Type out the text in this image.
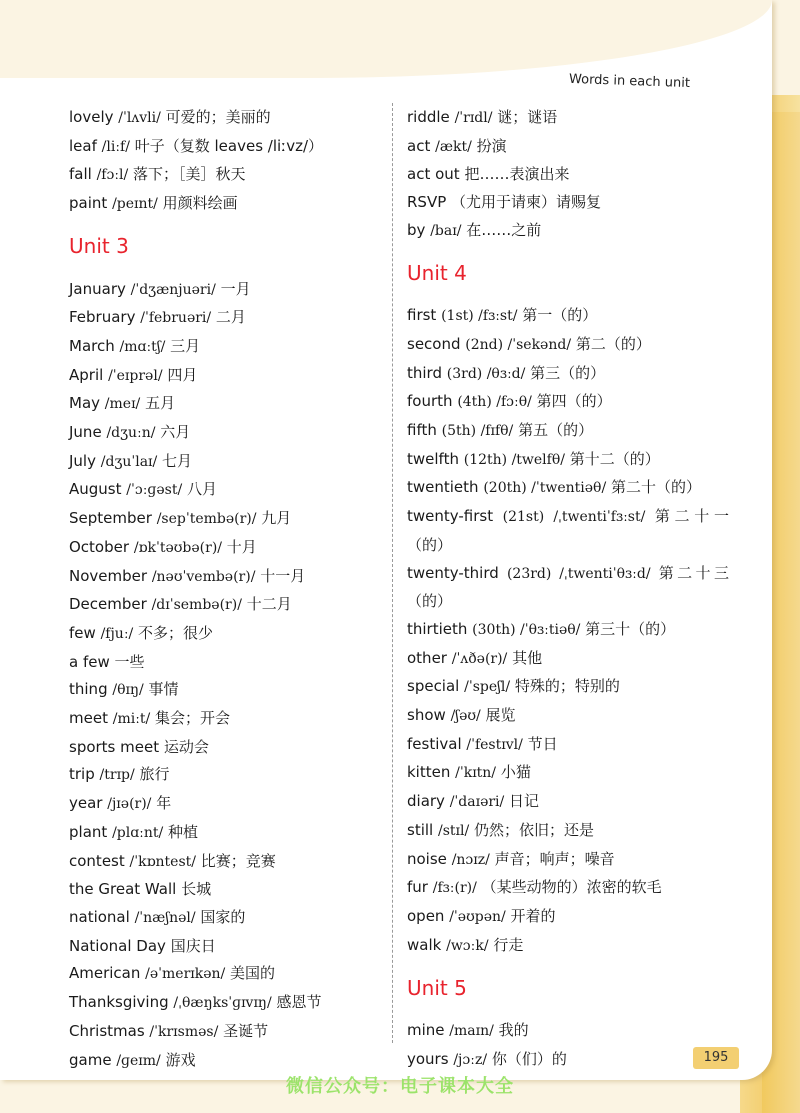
Words in each unit
lovely /ˈlʌvli/ 可爱的；美丽的
leaf /liːf/ 叶子（复数 leaves /liːvz/）
fall /fɔːl/ 落下；［美］秋天
paint /peɪnt/ 用颜料绘画
Unit 3
January /ˈdʒænjuəri/ 一月
February /ˈfebruəri/ 二月
March /mɑːtʃ/ 三月
April /ˈeɪprəl/ 四月
May /meɪ/ 五月
June /dʒuːn/ 六月
July /dʒuˈlaɪ/ 七月
August /ˈɔːɡəst/ 八月
September /sepˈtembə(r)/ 九月
October /ɒkˈtəʊbə(r)/ 十月
November /nəʊˈvembə(r)/ 十一月
December /dɪˈsembə(r)/ 十二月
few /fjuː/ 不多；很少
a few 一些
thing /θɪŋ/ 事情
meet /miːt/ 集会；开会
sports meet 运动会
trip /trɪp/ 旅行
year /jɪə(r)/ 年
plant /plɑːnt/ 种植
contest /ˈkɒntest/ 比赛；竞赛
the Great Wall 长城
national /ˈnæʃnəl/ 国家的
National Day 国庆日
American /əˈmerɪkən/ 美国的
Thanksgiving /ˌθæŋksˈɡɪvɪŋ/ 感恩节
Christmas /ˈkrɪsməs/ 圣诞节
game /ɡeɪm/ 游戏
riddle /ˈrɪdl/ 谜；谜语
act /ækt/ 扮演
act out 把……表演出来
RSVP （尤用于请柬）请赐复
by /baɪ/ 在……之前
Unit 4
first (1st) /fɜːst/ 第一（的）
second (2nd) /ˈsekənd/ 第二（的）
third (3rd) /θɜːd/ 第三（的）
fourth (4th) /fɔːθ/ 第四（的）
fifth (5th) /fɪfθ/ 第五（的）
twelfth (12th) /twelfθ/ 第十二（的）
twentieth (20th) /ˈtwentiəθ/ 第二十（的）
twenty-first (21st) /ˌtwentiˈfɜːst/ 第二十一（的）
twenty-third (23rd) /ˌtwentiˈθɜːd/ 第二十三（的）
thirtieth (30th) /ˈθɜːtiəθ/ 第三十（的）
other /ˈʌðə(r)/ 其他
special /ˈspeʃl/ 特殊的；特别的
show /ʃəʊ/ 展览
festival /ˈfestɪvl/ 节日
kitten /ˈkɪtn/ 小猫
diary /ˈdaɪəri/ 日记
still /stɪl/ 仍然；依旧；还是
noise /nɔɪz/ 声音；响声；噪音
fur /fɜː(r)/ （某些动物的）浓密的软毛
open /ˈəʊpən/ 开着的
walk /wɔːk/ 行走
Unit 5
mine /maɪn/ 我的
yours /jɔːz/ 你（们）的	195
微信公众号：电子课本大全
